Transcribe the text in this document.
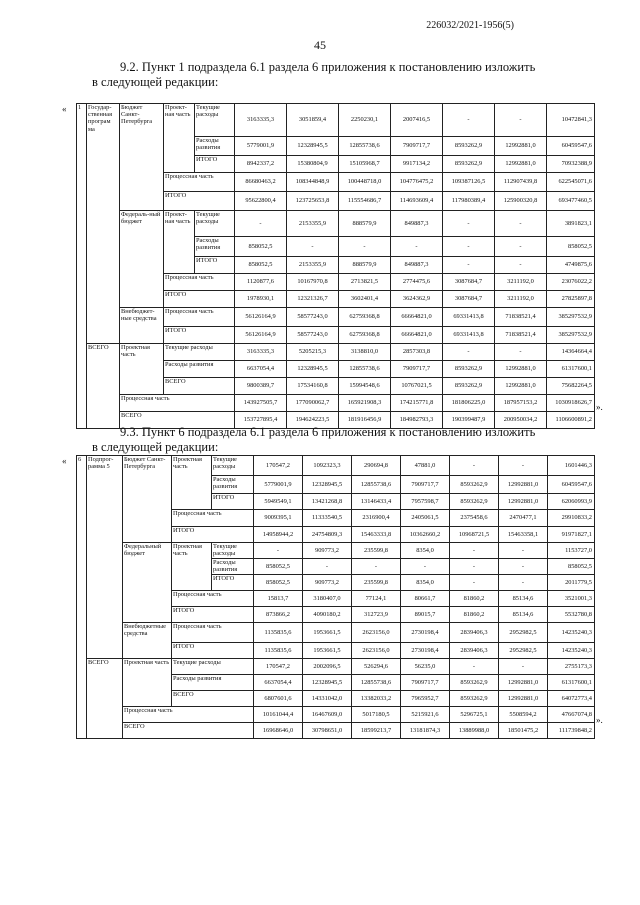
226032/2021-1956(5)
45
9.2. Пункт 1 подраздела 6.1 раздела 6 приложения к постановлению изложить
в следующей редакции:
« 1	Государ-ственная програм ма	Бюджет Санкт-Петербурга	Проект-ная часть	Текущие расходы	3163335,3	3051859,4	2250230,1	2007416,5	-	-	10472841,3
				Расходы развития	5779001,9	12328945,5	12855738,6	7909717,7	8593262,9	12992881,0	60459547,6
				ИТОГО	8942337,2	15380804,9	15105968,7	9917134,2	8593262,9	12992881,0	70932388,9
			Процессная часть		86680463,2	108344848,9	100448718,0	104776475,2	109387126,5	112907439,8	622545071,6
			ИТОГО		95622800,4	123725653,8	115554686,7	114693609,4	117980389,4	125900320,8	693477460,5
		Федераль-ный бюджет	Проект-ная часть	Текущие расходы	-	2153355,9	888579,9	849887,3	-	-	3891823,1
				Расходы развития	858052,5	-	-	-	-	-	858052,5
				ИТОГО	858052,5	2153355,9	888579,9	849887,3	-	-	4749875,6
			Процессная часть		1120877,6	10167970,8	2713821,5	2774475,6	3087684,7	3211192,0	23076022,2
			ИТОГО		1978930,1	12321326,7	3602401,4	3624362,9	3087684,7	3211192,0	27825897,8
		Внебюджет-ные средства	Процессная часть		56126164,9	58577243,0	62759368,8	66664821,0	69331413,8	71838521,4	385297532,9
			ИТОГО		56126164,9	58577243,0	62759368,8	66664821,0	69331413,8	71838521,4	385297532,9
	ВСЕГО	Проектная часть	Текущие расходы		3163335,3	5205215,3	3138810,0	2857303,8	-	-	14364664,4
			Расходы развития		6637054,4	12328945,5	12855738,6	7909717,7	8593262,9	12992881,0	61317600,1
			ВСЕГО		9800389,7	17534160,8	15994548,6	10767021,5	8593262,9	12992881,0	75682264,5
		Процессная часть			143927505,7	177090062,7	165921908,3	174215771,8	181806225,0	187957153,2	1030918626,7
		ВСЕГО			153727895,4	194624223,5	181916456,9	184982793,3	190399487,9	200950034,2	1106600891,2
».
9.3. Пункт 6 подраздела 6.1 раздела 6 приложения к постановлению изложить
в следующей редакции:
« 6	Подпрог-рамма 5	Бюджет Санкт-Петербурга	Проектная часть	Текущие расходы	170547,2	1092323,3	290694,8	47881,0	-	-	1601446,3
				Расходы развития	5779001,9	12328945,5	12855738,6	7909717,7	8593262,9	12992881,0	60459547,6
				ИТОГО	5949549,1	13421268,8	13146433,4	7957598,7	8593262,9	12992881,0	62060993,9
			Процессная часть		9009395,1	11333540,5	2316900,4	2405061,5	2375458,6	2470477,1	29910833,2
			ИТОГО		14958944,2	24754809,3	15463333,8	10362660,2	10968721,5	15463358,1	91971827,1
		Федеральный бюджет	Проектная часть	Текущие расходы	-	909773,2	235599,8	8354,0	-	-	1153727,0
				Расходы развития	858052,5	-	-	-	-	-	858052,5
				ИТОГО	858052,5	909773,2	235599,8	8354,0	-	-	2011779,5
			Процессная часть		15813,7	3180407,0	77124,1	80661,7	81860,2	85134,6	3521001,3
			ИТОГО		873866,2	4090180,2	312723,9	89015,7	81860,2	85134,6	5532780,8
		Внебюджетные средства	Процессная часть		1135835,6	1953661,5	2623156,0	2730198,4	2839406,3	2952982,5	14235240,3
			ИТОГО		1135835,6	1953661,5	2623156,0	2730198,4	2839406,3	2952982,5	14235240,3
	ВСЕГО	Проектная часть	Текущие расходы		170547,2	2002096,5	526294,6	56235,0	-	-	2755173,3
			Расходы развития		6637054,4	12328945,5	12855738,6	7909717,7	8593262,9	12992881,0	61317600,1
			ВСЕГО		6807601,6	14331042,0	13382033,2	7965952,7	8593262,9	12992881,0	64072773,4
		Процессная часть			10161044,4	16467609,0	5017180,5	5215921,6	5296725,1	5508594,2	47667074,8
		ВСЕГО			16968646,0	30798651,0	18599213,7	13181874,3	13889988,0	18501475,2	111739848,2
».
